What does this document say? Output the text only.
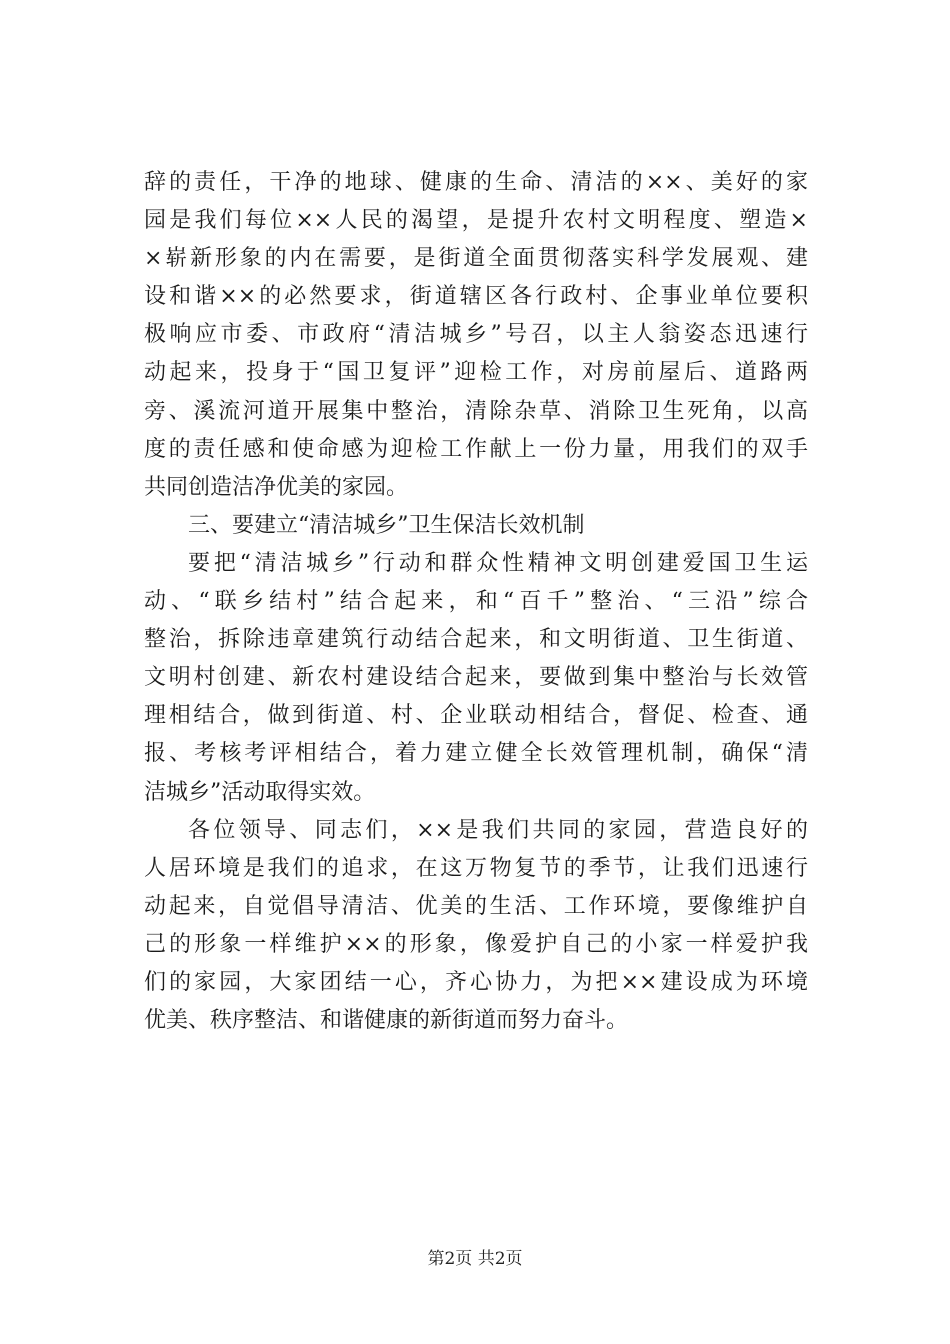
辞的责任，干净的地球、健康的生命、清洁的××、美好的家
园是我们每位××人民的渴望，是提升农村文明程度、塑造×
×崭新形象的内在需要，是街道全面贯彻落实科学发展观、建
设和谐××的必然要求，街道辖区各行政村、企事业单位要积
极响应市委、市政府“清洁城乡”号召，以主人翁姿态迅速行
动起来，投身于“国卫复评”迎检工作，对房前屋后、道路两
旁、溪流河道开展集中整治，清除杂草、消除卫生死角，以高
度的责任感和使命感为迎检工作献上一份力量，用我们的双手
共同创造洁净优美的家园。
三、要建立“清洁城乡”卫生保洁长效机制
要把“清洁城乡”行动和群众性精神文明创建爱国卫生运
动、“联乡结村”结合起来，和“百千”整治、“三沿”综合
整治，拆除违章建筑行动结合起来，和文明街道、卫生街道、
文明村创建、新农村建设结合起来，要做到集中整治与长效管
理相结合，做到街道、村、企业联动相结合，督促、检查、通
报、考核考评相结合，着力建立健全长效管理机制，确保“清
洁城乡”活动取得实效。
各位领导、同志们，××是我们共同的家园，营造良好的
人居环境是我们的追求，在这万物复节的季节，让我们迅速行
动起来，自觉倡导清洁、优美的生活、工作环境，要像维护自
己的形象一样维护××的形象，像爱护自己的小家一样爱护我
们的家园，大家团结一心，齐心协力，为把××建设成为环境
优美、秩序整洁、和谐健康的新街道而努力奋斗。
第2页 共2页
